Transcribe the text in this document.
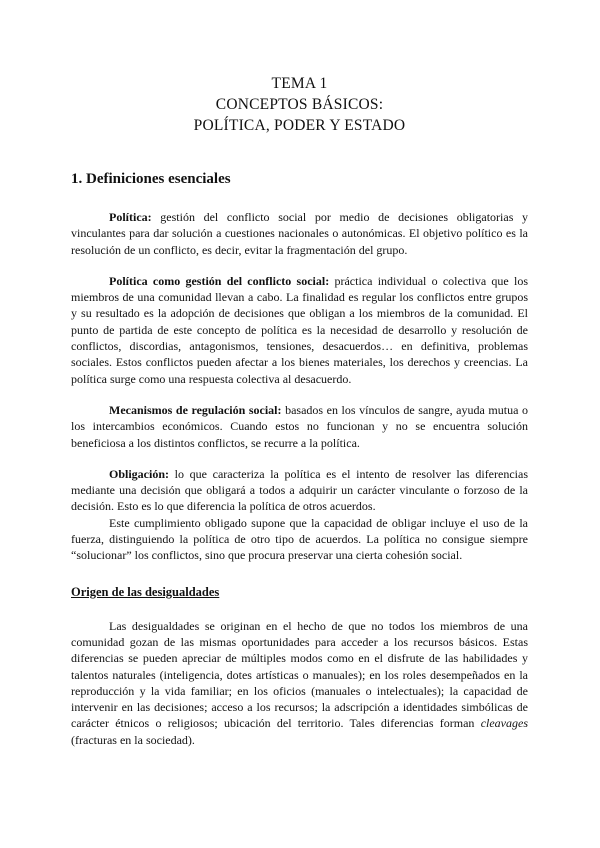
TEMA 1
CONCEPTOS BÁSICOS:
POLÍTICA, PODER Y ESTADO
1. Definiciones esenciales

Política: gestión del conflicto social por medio de decisiones obligatorias y vinculantes para dar solución a cuestiones nacionales o autonómicas. El objetivo político es la resolución de un conflicto, es decir, evitar la fragmentación del grupo.

Política como gestión del conflicto social: práctica individual o colectiva que los miembros de una comunidad llevan a cabo. La finalidad es regular los conflictos entre grupos y su resultado es la adopción de decisiones que obligan a los miembros de la comunidad. El punto de partida de este concepto de política es la necesidad de desarrollo y resolución de conflictos, discordias, antagonismos, tensiones, desacuerdos… en definitiva, problemas sociales. Estos conflictos pueden afectar a los bienes materiales, los derechos y creencias. La política surge como una respuesta colectiva al desacuerdo.

Mecanismos de regulación social: basados en los vínculos de sangre, ayuda mutua o los intercambios económicos. Cuando estos no funcionan y no se encuentra solución beneficiosa a los distintos conflictos, se recurre a la política.

Obligación: lo que caracteriza la política es el intento de resolver las diferencias mediante una decisión que obligará a todos a adquirir un carácter vinculante o forzoso de la decisión. Esto es lo que diferencia la política de otros acuerdos.

Este cumplimiento obligado supone que la capacidad de obligar incluye el uso de la fuerza, distinguiendo la política de otro tipo de acuerdos. La política no consigue siempre “solucionar” los conflictos, sino que procura preservar una cierta cohesión social.

Origen de las desigualdades

Las desigualdades se originan en el hecho de que no todos los miembros de una comunidad gozan de las mismas oportunidades para acceder a los recursos básicos. Estas diferencias se pueden apreciar de múltiples modos como en el disfrute de las habilidades y talentos naturales (inteligencia, dotes artísticas o manuales); en los roles desempeñados en la reproducción y la vida familiar; en los oficios (manuales o intelectuales); la capacidad de intervenir en las decisiones; acceso a los recursos; la adscripción a identidades simbólicas de carácter étnicos o religiosos; ubicación del territorio. Tales diferencias forman cleavages (fracturas en la sociedad).
